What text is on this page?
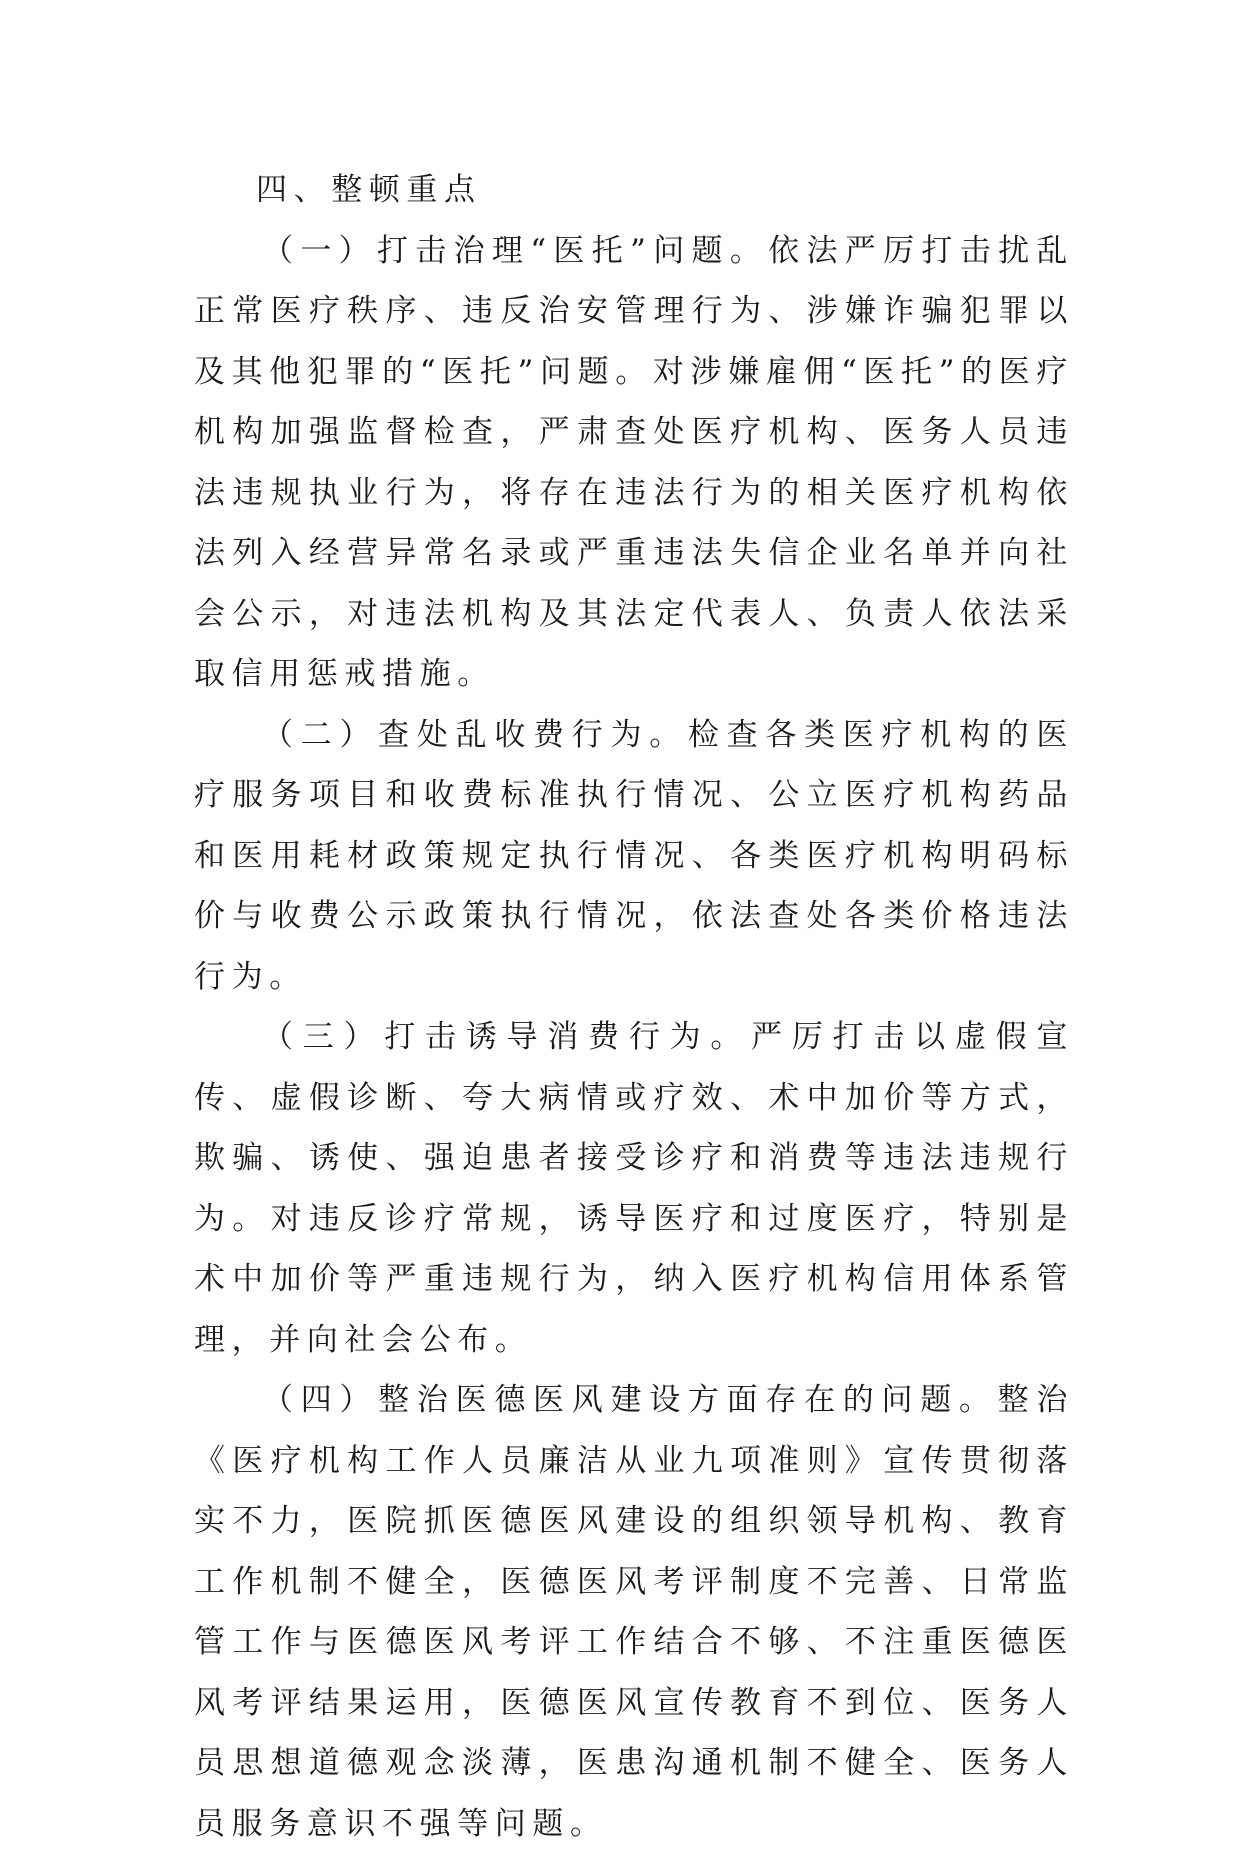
四、整顿重点

（一）打击治理“医托”问题。依法严厉打击扰乱正常医疗秩序、违反治安管理行为、涉嫌诈骗犯罪以及其他犯罪的“医托”问题。对涉嫌雇佣“医托”的医疗机构加强监督检查，严肃查处医疗机构、医务人员违法违规执业行为，将存在违法行为的相关医疗机构依法列入经营异常名录或严重违法失信企业名单并向社会公示，对违法机构及其法定代表人、负责人依法采取信用惩戒措施。

（二）查处乱收费行为。检查各类医疗机构的医疗服务项目和收费标准执行情况、公立医疗机构药品和医用耗材政策规定执行情况、各类医疗机构明码标价与收费公示政策执行情况，依法查处各类价格违法行为。

（三）打击诱导消费行为。严厉打击以虚假宣传、虚假诊断、夸大病情或疗效、术中加价等方式，欺骗、诱使、强迫患者接受诊疗和消费等违法违规行为。对违反诊疗常规，诱导医疗和过度医疗，特别是术中加价等严重违规行为，纳入医疗机构信用体系管理，并向社会公布。

（四）整治医德医风建设方面存在的问题。整治《医疗机构工作人员廉洁从业九项准则》宣传贯彻落实不力，医院抓医德医风建设的组织领导机构、教育工作机制不健全，医德医风考评制度不完善、日常监管工作与医德医风考评工作结合不够、不注重医德医风考评结果运用，医德医风宣传教育不到位、医务人员思想道德观念淡薄，医患沟通机制不健全、医务人员服务意识不强等问题。
